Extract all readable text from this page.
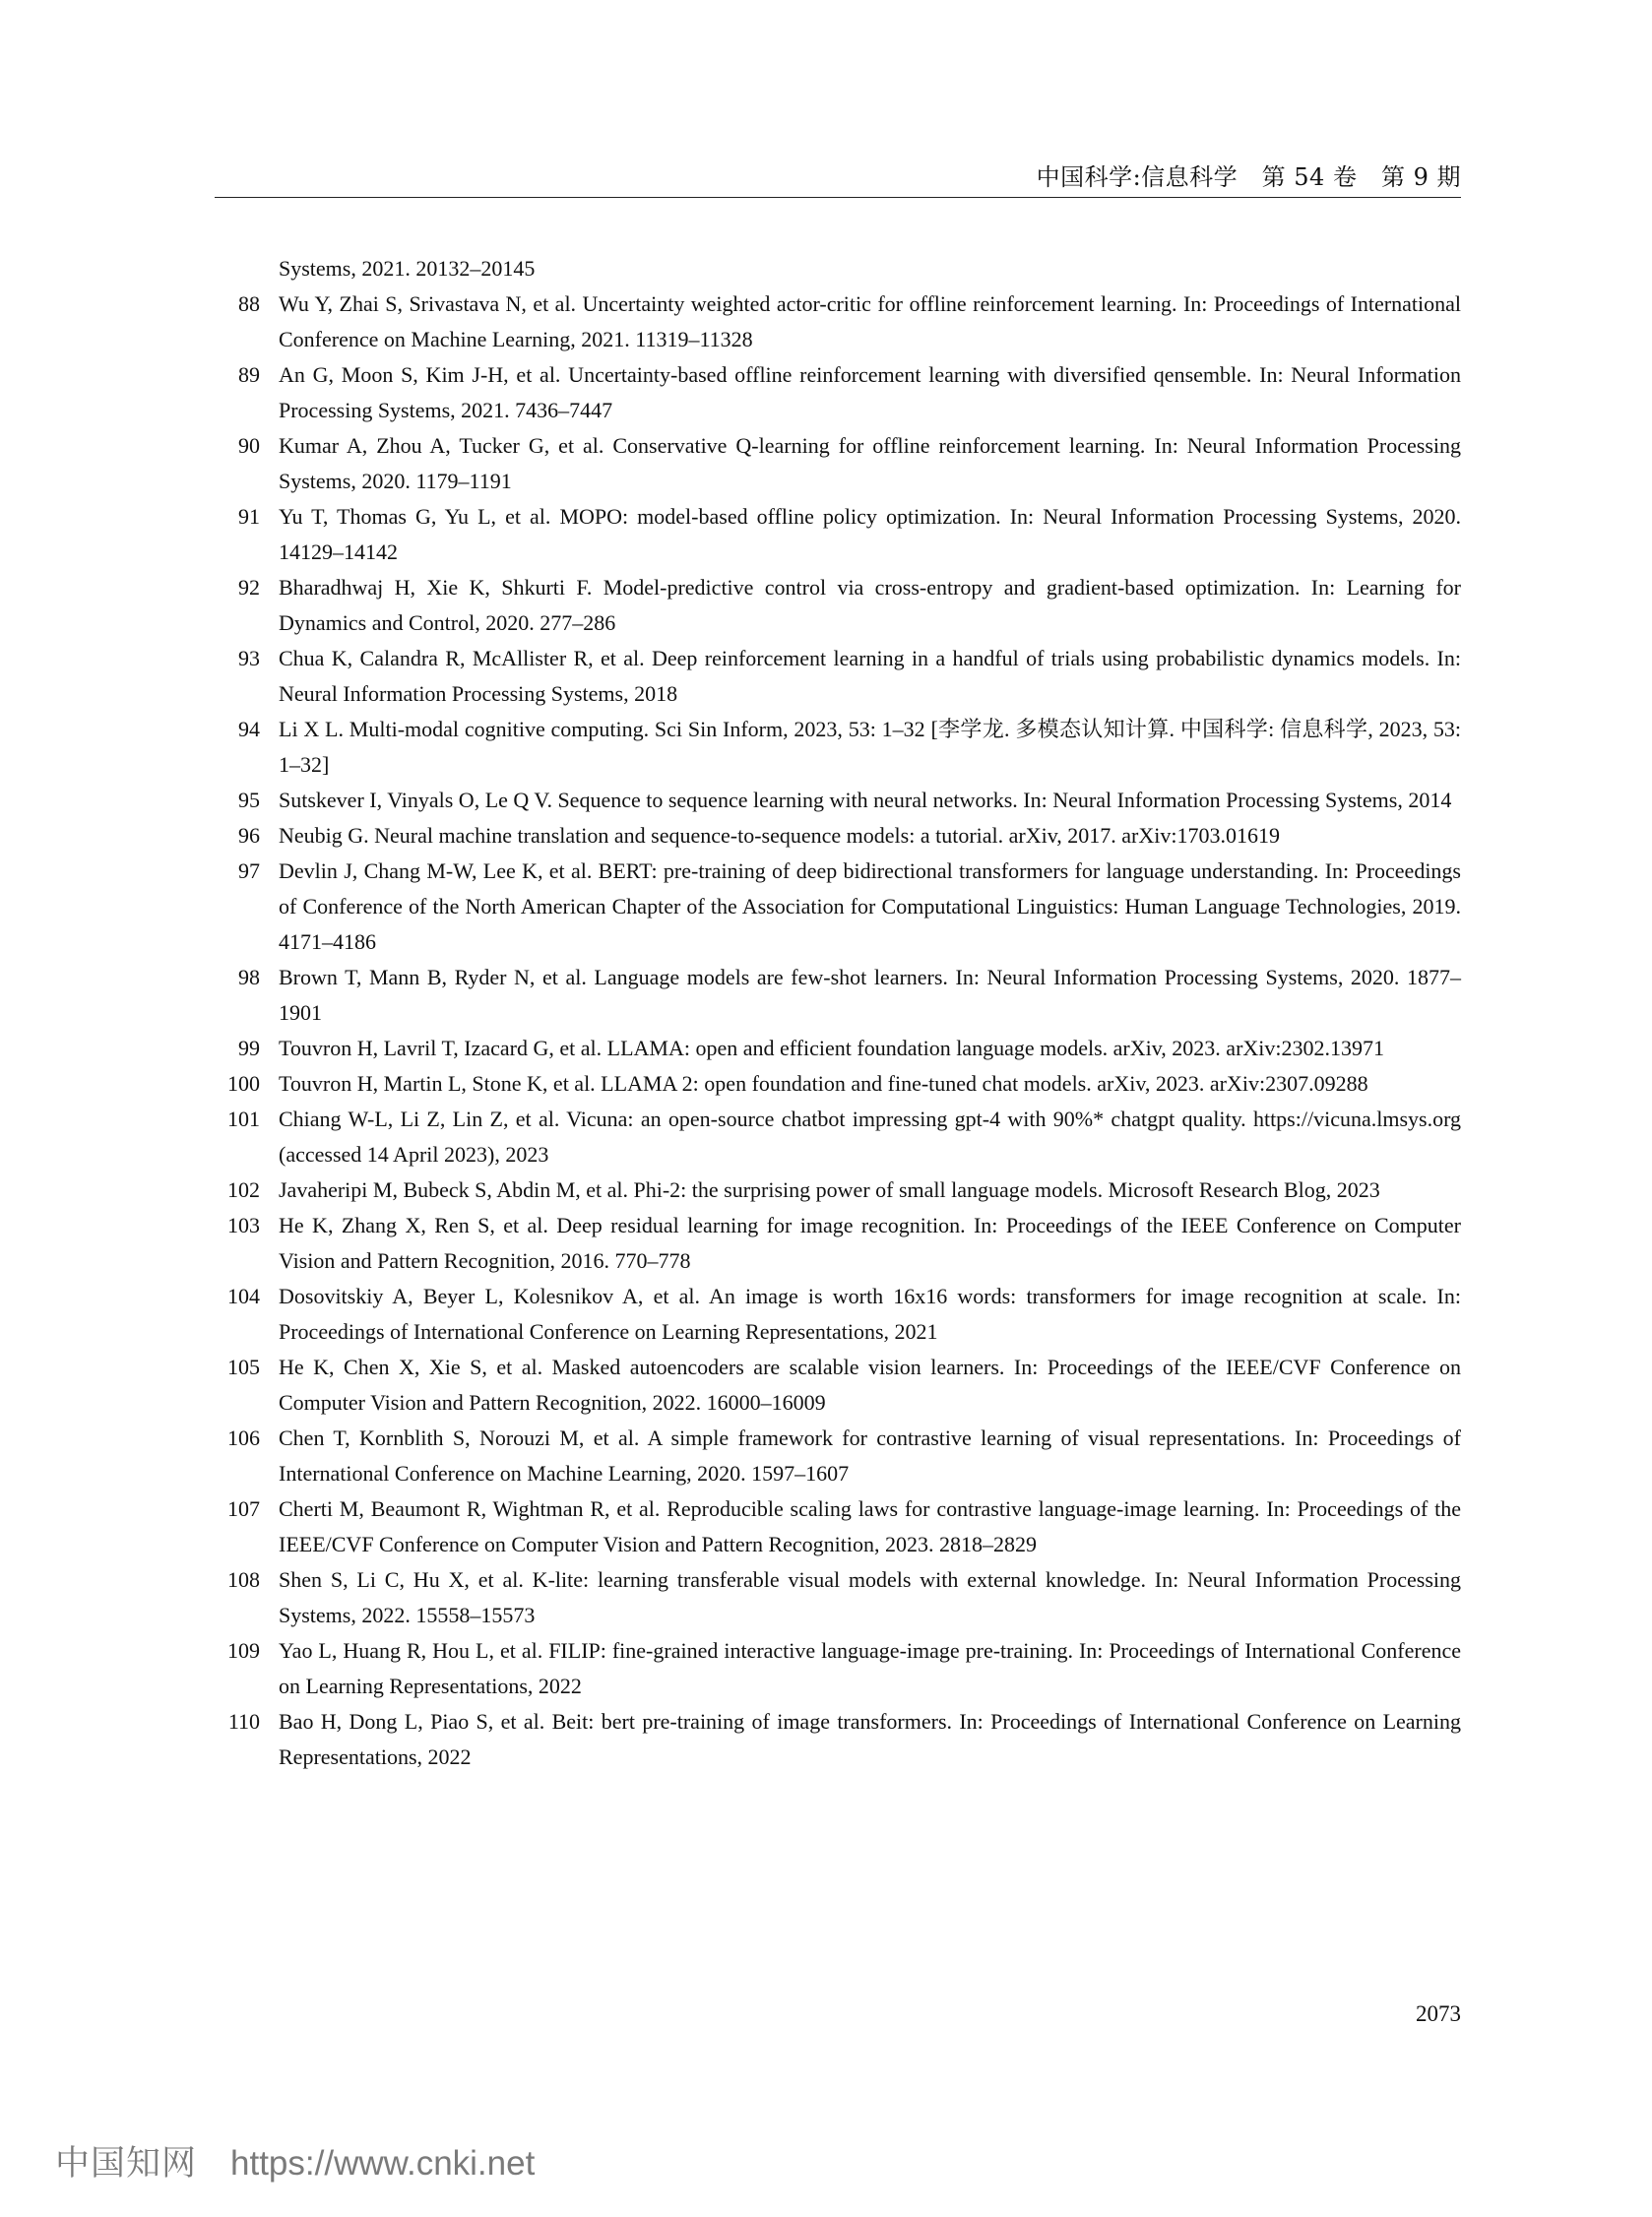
中国科学:信息科学　第 54 卷　第 9 期
Systems, 2021. 20132–20145
88 Wu Y, Zhai S, Srivastava N, et al. Uncertainty weighted actor-critic for offline reinforcement learning. In: Proceedings of International Conference on Machine Learning, 2021. 11319–11328
89 An G, Moon S, Kim J-H, et al. Uncertainty-based offline reinforcement learning with diversified qensemble. In: Neural Information Processing Systems, 2021. 7436–7447
90 Kumar A, Zhou A, Tucker G, et al. Conservative Q-learning for offline reinforcement learning. In: Neural Information Processing Systems, 2020. 1179–1191
91 Yu T, Thomas G, Yu L, et al. MOPO: model-based offline policy optimization. In: Neural Information Processing Systems, 2020. 14129–14142
92 Bharadhwaj H, Xie K, Shkurti F. Model-predictive control via cross-entropy and gradient-based optimization. In: Learning for Dynamics and Control, 2020. 277–286
93 Chua K, Calandra R, McAllister R, et al. Deep reinforcement learning in a handful of trials using probabilistic dynamics models. In: Neural Information Processing Systems, 2018
94 Li X L. Multi-modal cognitive computing. Sci Sin Inform, 2023, 53: 1–32 [李学龙. 多模态认知计算. 中国科学: 信息科学, 2023, 53: 1–32]
95 Sutskever I, Vinyals O, Le Q V. Sequence to sequence learning with neural networks. In: Neural Information Processing Systems, 2014
96 Neubig G. Neural machine translation and sequence-to-sequence models: a tutorial. arXiv, 2017. arXiv:1703.01619
97 Devlin J, Chang M-W, Lee K, et al. BERT: pre-training of deep bidirectional transformers for language understanding. In: Proceedings of Conference of the North American Chapter of the Association for Computational Linguistics: Human Language Technologies, 2019. 4171–4186
98 Brown T, Mann B, Ryder N, et al. Language models are few-shot learners. In: Neural Information Processing Systems, 2020. 1877–1901
99 Touvron H, Lavril T, Izacard G, et al. LLAMA: open and efficient foundation language models. arXiv, 2023. arXiv:2302.13971
100 Touvron H, Martin L, Stone K, et al. LLAMA 2: open foundation and fine-tuned chat models. arXiv, 2023. arXiv:2307.09288
101 Chiang W-L, Li Z, Lin Z, et al. Vicuna: an open-source chatbot impressing gpt-4 with 90%* chatgpt quality. https://vicuna.lmsys.org (accessed 14 April 2023), 2023
102 Javaheripi M, Bubeck S, Abdin M, et al. Phi-2: the surprising power of small language models. Microsoft Research Blog, 2023
103 He K, Zhang X, Ren S, et al. Deep residual learning for image recognition. In: Proceedings of the IEEE Conference on Computer Vision and Pattern Recognition, 2016. 770–778
104 Dosovitskiy A, Beyer L, Kolesnikov A, et al. An image is worth 16x16 words: transformers for image recognition at scale. In: Proceedings of International Conference on Learning Representations, 2021
105 He K, Chen X, Xie S, et al. Masked autoencoders are scalable vision learners. In: Proceedings of the IEEE/CVF Conference on Computer Vision and Pattern Recognition, 2022. 16000–16009
106 Chen T, Kornblith S, Norouzi M, et al. A simple framework for contrastive learning of visual representations. In: Proceedings of International Conference on Machine Learning, 2020. 1597–1607
107 Cherti M, Beaumont R, Wightman R, et al. Reproducible scaling laws for contrastive language-image learning. In: Proceedings of the IEEE/CVF Conference on Computer Vision and Pattern Recognition, 2023. 2818–2829
108 Shen S, Li C, Hu X, et al. K-lite: learning transferable visual models with external knowledge. In: Neural Information Processing Systems, 2022. 15558–15573
109 Yao L, Huang R, Hou L, et al. FILIP: fine-grained interactive language-image pre-training. In: Proceedings of International Conference on Learning Representations, 2022
110 Bao H, Dong L, Piao S, et al. Beit: bert pre-training of image transformers. In: Proceedings of International Conference on Learning Representations, 2022
2073
中国知网 https://www.cnki.net
